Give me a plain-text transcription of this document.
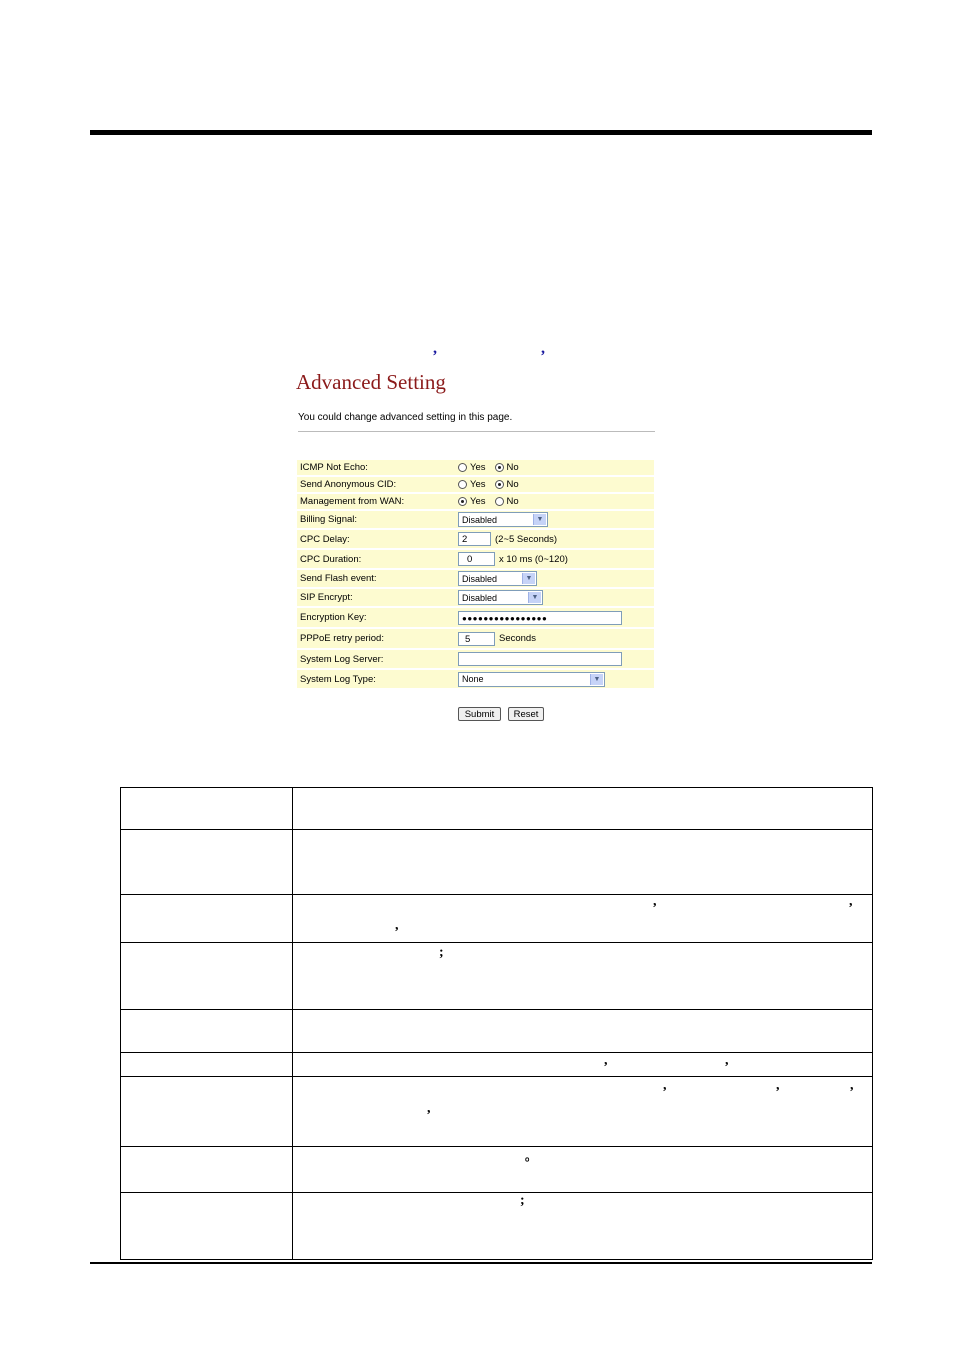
,	,
Advanced Setting
You could change advanced setting in this page.
ICMP Not Echo:	Yes No
Send Anonymous CID:	Yes No
Management from WAN:	Yes No
Billing Signal:	Disabled	▼
CPC Delay:	2	(2~5 Seconds)
CPC Duration:	0	x 10 ms (0~120)
Send Flash event:	Disabled	▼
SIP Encrypt:	Disabled	▼
Encryption Key:	●●●●●●●●●●●●●●●●
PPPoE retry period:	5	Seconds
System Log Server:
System Log Type:	None	▼
Submit	Reset

	, ,
,

	;

	, ,

	, , ,
,

	。

	;
